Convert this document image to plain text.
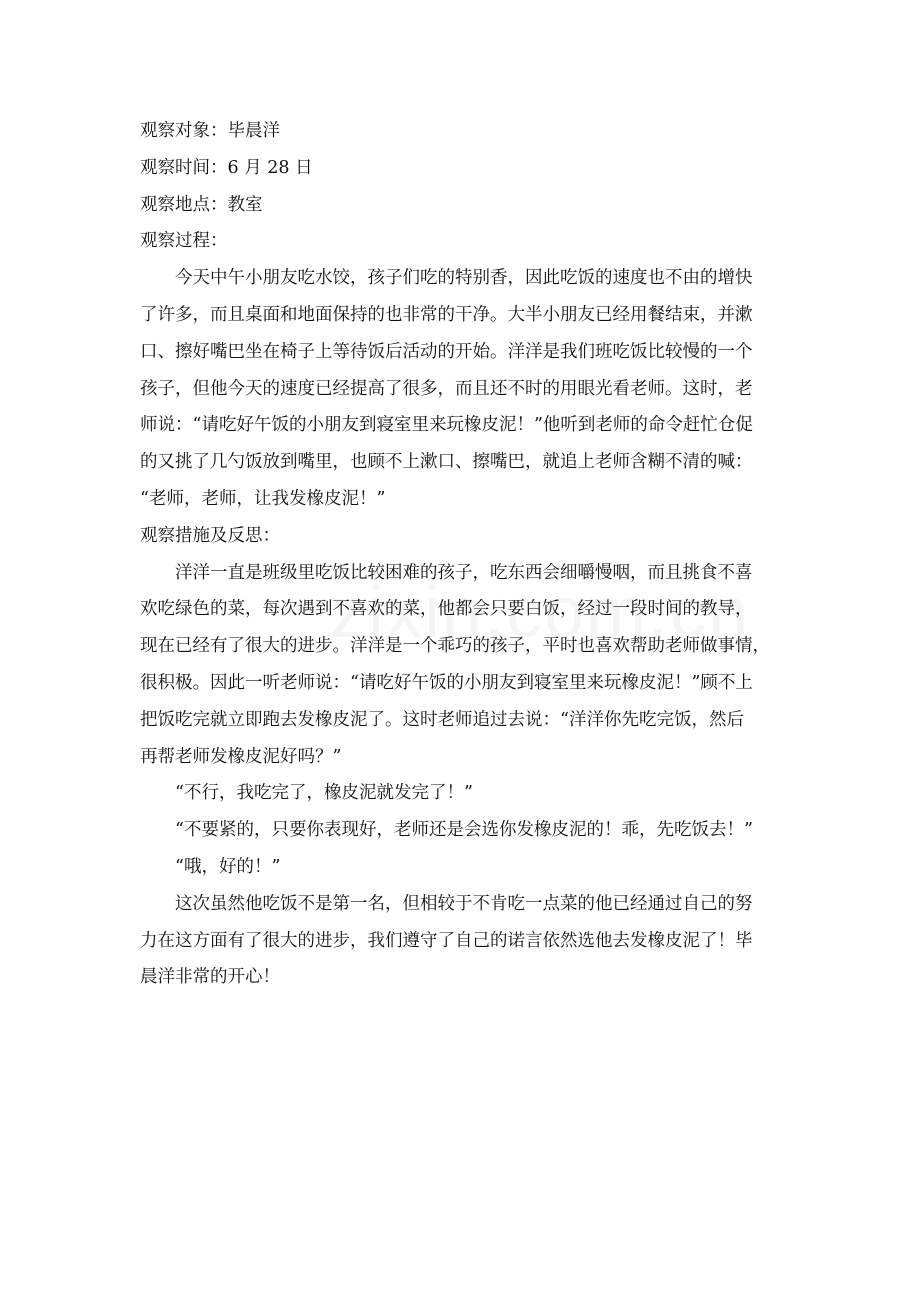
观察对象：毕晨洋
观察时间：6 月 28 日
观察地点：教室
观察过程：
今天中午小朋友吃水饺，孩子们吃的特别香，因此吃饭的速度也不由的增快
了许多，而且桌面和地面保持的也非常的干净。大半小朋友已经用餐结束，并漱
口、擦好嘴巴坐在椅子上等待饭后活动的开始。洋洋是我们班吃饭比较慢的一个
孩子，但他今天的速度已经提高了很多，而且还不时的用眼光看老师。这时，老
师说：“请吃好午饭的小朋友到寝室里来玩橡皮泥！”他听到老师的命令赶忙仓促
的又挑了几勺饭放到嘴里，也顾不上漱口、擦嘴巴，就追上老师含糊不清的喊：
“老师，老师，让我发橡皮泥！”
观察措施及反思：
洋洋一直是班级里吃饭比较困难的孩子，吃东西会细嚼慢咽，而且挑食不喜
欢吃绿色的菜，每次遇到不喜欢的菜，他都会只要白饭，经过一段时间的教导，
现在已经有了很大的进步。洋洋是一个乖巧的孩子，平时也喜欢帮助老师做事情，
很积极。因此一听老师说：“请吃好午饭的小朋友到寝室里来玩橡皮泥！”顾不上
把饭吃完就立即跑去发橡皮泥了。这时老师追过去说：“洋洋你先吃完饭，然后
再帮老师发橡皮泥好吗？”
“不行，我吃完了，橡皮泥就发完了！”
“不要紧的，只要你表现好，老师还是会选你发橡皮泥的！乖，先吃饭去！”
“哦，好的！”
这次虽然他吃饭不是第一名，但相较于不肯吃一点菜的他已经通过自己的努
力在这方面有了很大的进步，我们遵守了自己的诺言依然选他去发橡皮泥了！毕
晨洋非常的开心！
